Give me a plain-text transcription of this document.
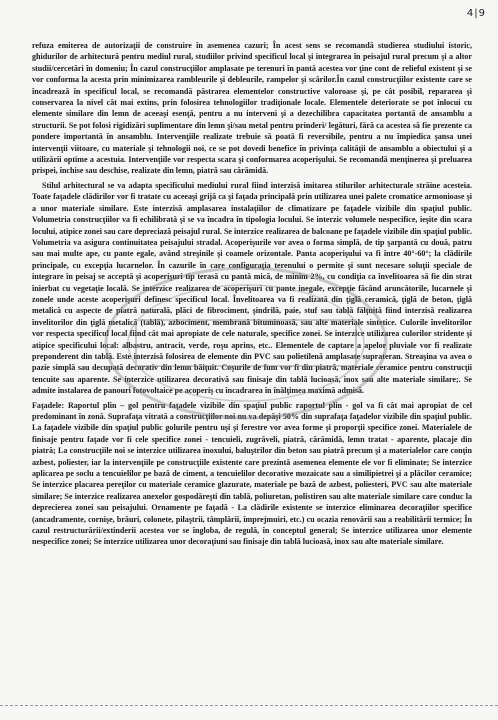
4|9

refuza emiterea de autorizaţii de construire în asemenea cazuri; În acest sens se recomandă studierea studiului istoric, ghidurilor de arhitectură pentru mediul rural, studiilor privind specificul local şi integrarea în peisajul rural precum şi a altor studii/cercetări în domeniu; În cazul construcţiilor amplasate pe terenuri în pantă acestea vor ţine cont de relieful existent şi se vor conforma la acesta prin minimizarea rambleurile şi debleurile, rampelor şi scărilor.În cazul construcţiilor existente care se încadrează în specificul local, se recomandă păstrarea elementelor constructive valoroase şi, pe cât posibil, repararea şi conservarea la nivel cât mai extins, prin folosirea tehnologiilor tradiţionale locale. Elementele deteriorate se pot înlocui cu elemente similare din lemn de aceeaşi esenţă, pentru a nu interveni şi a dezechilibra capacitatea portantă de ansamblu a structurii. Se pot folosi rigidizări suplimentare din lemn şi/sau metal pentru prinderi/ legături, fără ca acestea să fie prezente ca pondere importantă în ansamblu. Intervenţiile realizate trebuie să poată fi reversibile, pentru a nu împiedica şansa unei intervenţii viitoare, cu materiale şi tehnologii noi, ce se pot dovedi benefice în privinţa calităţii de ansamblu a obiectului şi a utilizării optime a acestuia. Intervenţiile vor respecta scara şi conformarea acoperişului. Se recomandă menţinerea şi preluarea prispei, închise sau deschise, realizate din lemn, piatră sau cărămidă.

Stilul arhitectural se va adapta specificului mediului rural fiind interzisă imitarea stilurilor arhitecturale străine acesteia. Toate faţadele clădirilor vor fi tratate cu aceeaşi grijă ca şi faţada principală prin utilizarea unei palete cromatice armonioase şi a unor materiale similare. Este interzisă amplasarea instalaţiilor de climatizare pe faţadele vizibile din spaţiul public. Volumetria construcţiilor va fi echilibrată şi se va încadra în tipologia locului. Se interzic volumele nespecifice, ieşite din scara locului, atipice zonei sau care depreciază peisajul rural. Se interzice realizarea de balcoane pe faţadele vizibile din spaţiul public. Volumetria va asigura continuitatea peisajului stradal. Acoperişurile vor avea o forma simplă, de tip şarpantă cu două, patru sau mai multe ape, cu pante egale, având streşinile şi coamele orizontale. Panta acoperişului va fi între 40°-60°; la clădirile principale, cu excepţia lucarnelor. În cazurile în care configuraţia terenului o permite şi sunt necesare soluţii speciale de integrare în peisaj se acceptă şi acoperişuri tip terasă cu pantă mică, de minim 2%, cu condiţia ca învelitoarea să fie din strat înierbat cu vegetaţie locală. Se interzice realizarea de acoperişuri cu pante inegale, excepţie făcând aruncătorile, lucarnele şi zonele unde aceste acoperişuri definesc specificul local. Învelitoarea va fi realizată din ţiglă ceramică, ţiglă de beton, ţiglă metalică cu aspecte de piatră naturală, plăci de fibrociment, şindrilă, paie, stuf sau tablă fălţuită fiind interzisă realizarea învelitorilor din ţiglă metalică (tablă), azbociment, membrană bituminoasă, sau alte materiale sintetice. Culorile învelitorilor vor respecta specificul local fiind cât mai apropiate de cele naturale, specifice zonei. Se interzice utilizarea culorilor stridente şi atipice specificului local: albastru, antracit, verde, roşu aprins, etc.. Elementele de captare a apelor pluviale vor fi realizate preponderent din tablă. Este interzisă folosirea de elemente din PVC sau polietilenă amplasate suprateran. Streaşina va avea o pazie simplă sau decupată decorativ din lemn băiţuit. Coşurile de fum vor fi din piatră, materiale ceramice pentru construcţii tencuite sau aparente. Se interzice utilizarea decorativă sau finisaje din tablă lucioasă, inox sau alte materiale similare;. Se admite instalarea de panouri fotovoltaice pe acoperiş cu încadrarea în înălţimea maximă admisă.

Faţadele: Raportul plin – gol pentru faţadele vizibile din spaţiul public raportul plin - gol va fi cât mai apropiat de cel predominant în zonă. Suprafaţa vitrată a construcţiilor noi nu va depăşi 50% din suprafaţa faţadelor vizibile din spaţiul public. La faţadele vizibile din spaţiul public golurile pentru uşi şi ferestre vor avea forme şi proporţii specifice zonei. Materialele de finisaje pentru faţade vor fi cele specifice zonei - tencuieli, zugrăveli, piatră, cărămidă, lemn tratat - aparente, placaje din piatră; La construcţiile noi se interzice utilizarea inoxului, baluştrilor din beton sau piatră precum şi a materialelor care conţin azbest, poliester, iar la intervenţiile pe construcţiile existente care prezintă asemenea elemente ele vor fi eliminate; Se interzice aplicarea pe soclu a tencuielilor pe bază de ciment, a tencuielilor decorative mozaicate sau a similipietrei şi a plăcilor ceramice; Se interzice placarea pereţilor cu materiale ceramice glazurate, materiale pe bază de azbest, poliesteri, PVC sau alte materiale similare; Se interzice realizarea anexelor gospodăreşti din tablă, poliuretan, polistiren sau alte materiale similare care conduc la deprecierea zonei sau peisajului. Ornamente pe faţadă - La clădirile existente se interzice eliminarea decoraţiilor specifice (ancadramente, cornişe, brâuri, colonete, pilaştrii, tâmplării, împrejmuiri, etc.) cu ocazia renovării sau a reabilitării termice; În cazul restructurării/extinderii acestea vor se îngloba, de regulă, în conceptul general; Se interzice utilizarea unor elemente nespecifice zonei; Se interzice utilizarea unor decoraţiuni sau finisaje din tablă lucioasă, inox sau alte materiale similare.
